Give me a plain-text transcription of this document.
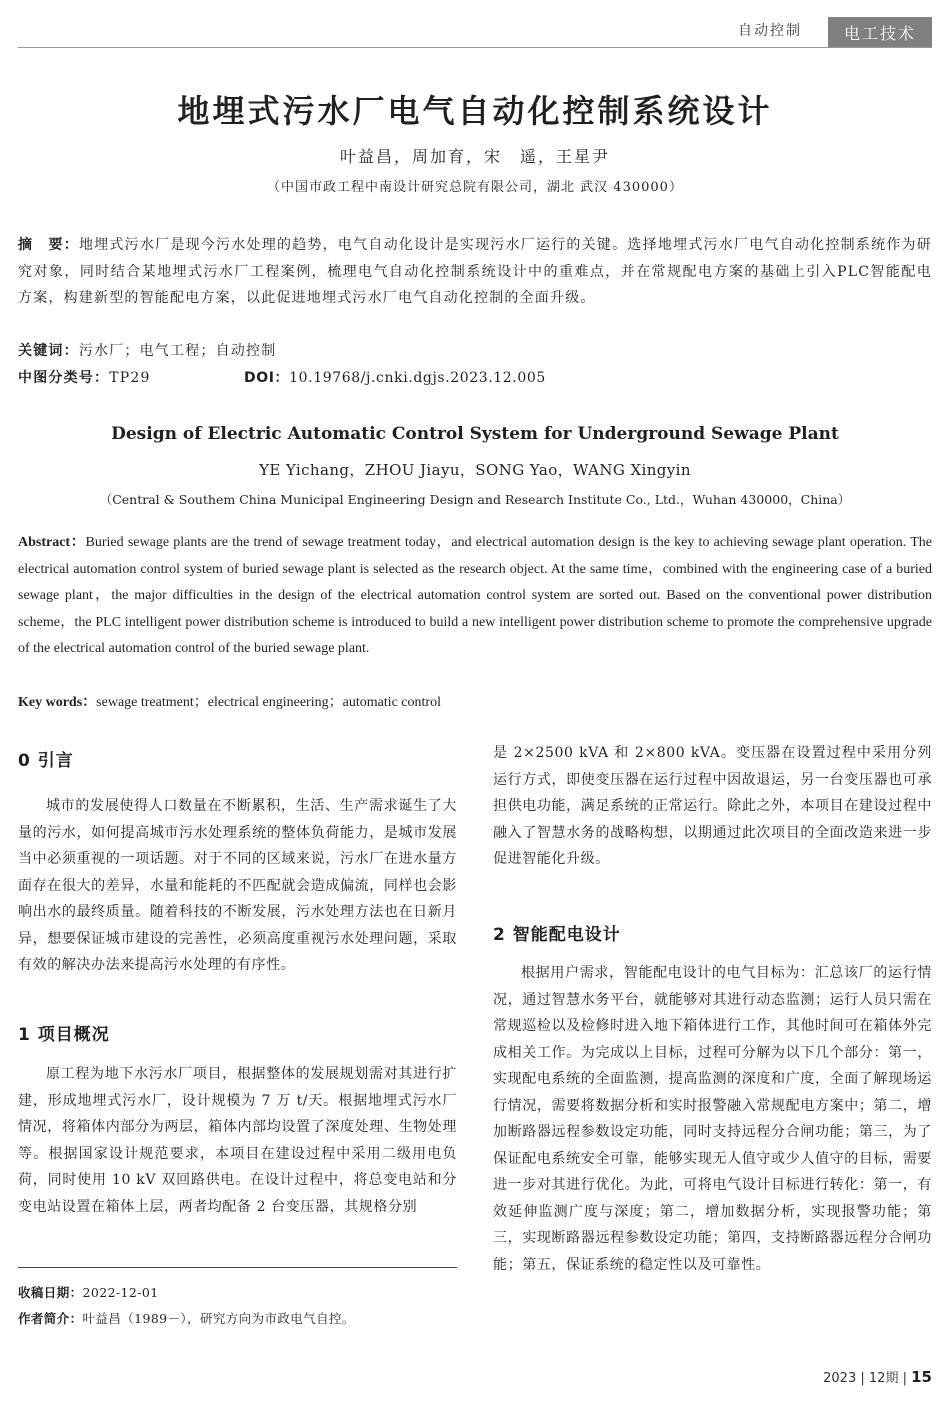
自动控制	电工技术
地埋式污水厂电气自动化控制系统设计
叶益昌，周加育，宋　遥，王星尹
（中国市政工程中南设计研究总院有限公司，湖北 武汉 430000）
摘　要：地埋式污水厂是现今污水处理的趋势，电气自动化设计是实现污水厂运行的关键。选择地埋式污水厂电气自动化控制系统作为研究对象，同时结合某地埋式污水厂工程案例，梳理电气自动化控制系统设计中的重难点，并在常规配电方案的基础上引入PLC智能配电方案，构建新型的智能配电方案，以此促进地埋式污水厂电气自动化控制的全面升级。
关键词：污水厂；电气工程；自动控制
中图分类号：TP29	DOI：10.19768/j.cnki.dgjs.2023.12.005
Design of Electric Automatic Control System for Underground Sewage Plant
YE Yichang，ZHOU Jiayu，SONG Yao，WANG Xingyin
（Central & Southem China Municipal Engineering Design and Research Institute Co., Ltd.，Wuhan 430000，China）
Abstract：Buried sewage plants are the trend of sewage treatment today，and electrical automation design is the key to achieving sewage plant operation. The electrical automation control system of buried sewage plant is selected as the research object. At the same time，combined with the engineering case of a buried sewage plant，the major difficulties in the design of the electrical automation control system are sorted out. Based on the conventional power distribution scheme，the PLC intelligent power distribution scheme is introduced to build a new intelligent power distribution scheme to promote the comprehensive upgrade of the electrical automation control of the buried sewage plant.
Key words：sewage treatment；electrical engineering；automatic control
0 引言
城市的发展使得人口数量在不断累积，生活、生产需求诞生了大量的污水，如何提高城市污水处理系统的整体负荷能力，是城市发展当中必须重视的一项话题。对于不同的区域来说，污水厂在进水量方面存在很大的差异，水量和能耗的不匹配就会造成偏流，同样也会影响出水的最终质量。随着科技的不断发展，污水处理方法也在日新月异，想要保证城市建设的完善性，必须高度重视污水处理问题，采取有效的解决办法来提高污水处理的有序性。
1 项目概况
原工程为地下水污水厂项目，根据整体的发展规划需对其进行扩建，形成地埋式污水厂，设计规模为 7 万 t/天。根据地埋式污水厂情况，将箱体内部分为两层，箱体内部均设置了深度处理、生物处理等。根据国家设计规范要求，本项目在建设过程中采用二级用电负荷，同时使用 10 kV 双回路供电。在设计过程中，将总变电站和分变电站设置在箱体上层，两者均配备 2 台变压器，其规格分别
收稿日期：2022-12-01
作者简介：叶益昌（1989－），研究方向为市政电气自控。
是 2×2500 kVA 和 2×800 kVA。变压器在设置过程中采用分列运行方式，即使变压器在运行过程中因故退运，另一台变压器也可承担供电功能，满足系统的正常运行。除此之外，本项目在建设过程中融入了智慧水务的战略构想，以期通过此次项目的全面改造来进一步促进智能化升级。
2 智能配电设计
根据用户需求，智能配电设计的电气目标为：汇总该厂的运行情况，通过智慧水务平台，就能够对其进行动态监测；运行人员只需在常规巡检以及检修时进入地下箱体进行工作，其他时间可在箱体外完成相关工作。为完成以上目标，过程可分解为以下几个部分：第一，实现配电系统的全面监测，提高监测的深度和广度，全面了解现场运行情况，需要将数据分析和实时报警融入常规配电方案中；第二，增加断路器远程参数设定功能，同时支持远程分合闸功能；第三，为了保证配电系统安全可靠，能够实现无人值守或少人值守的目标，需要进一步对其进行优化。为此，可将电气设计目标进行转化：第一，有效延伸监测广度与深度；第二，增加数据分析，实现报警功能；第三，实现断路器远程参数设定功能；第四，支持断路器远程分合闸功能；第五，保证系统的稳定性以及可靠性。
2023 | 12期 | 15
